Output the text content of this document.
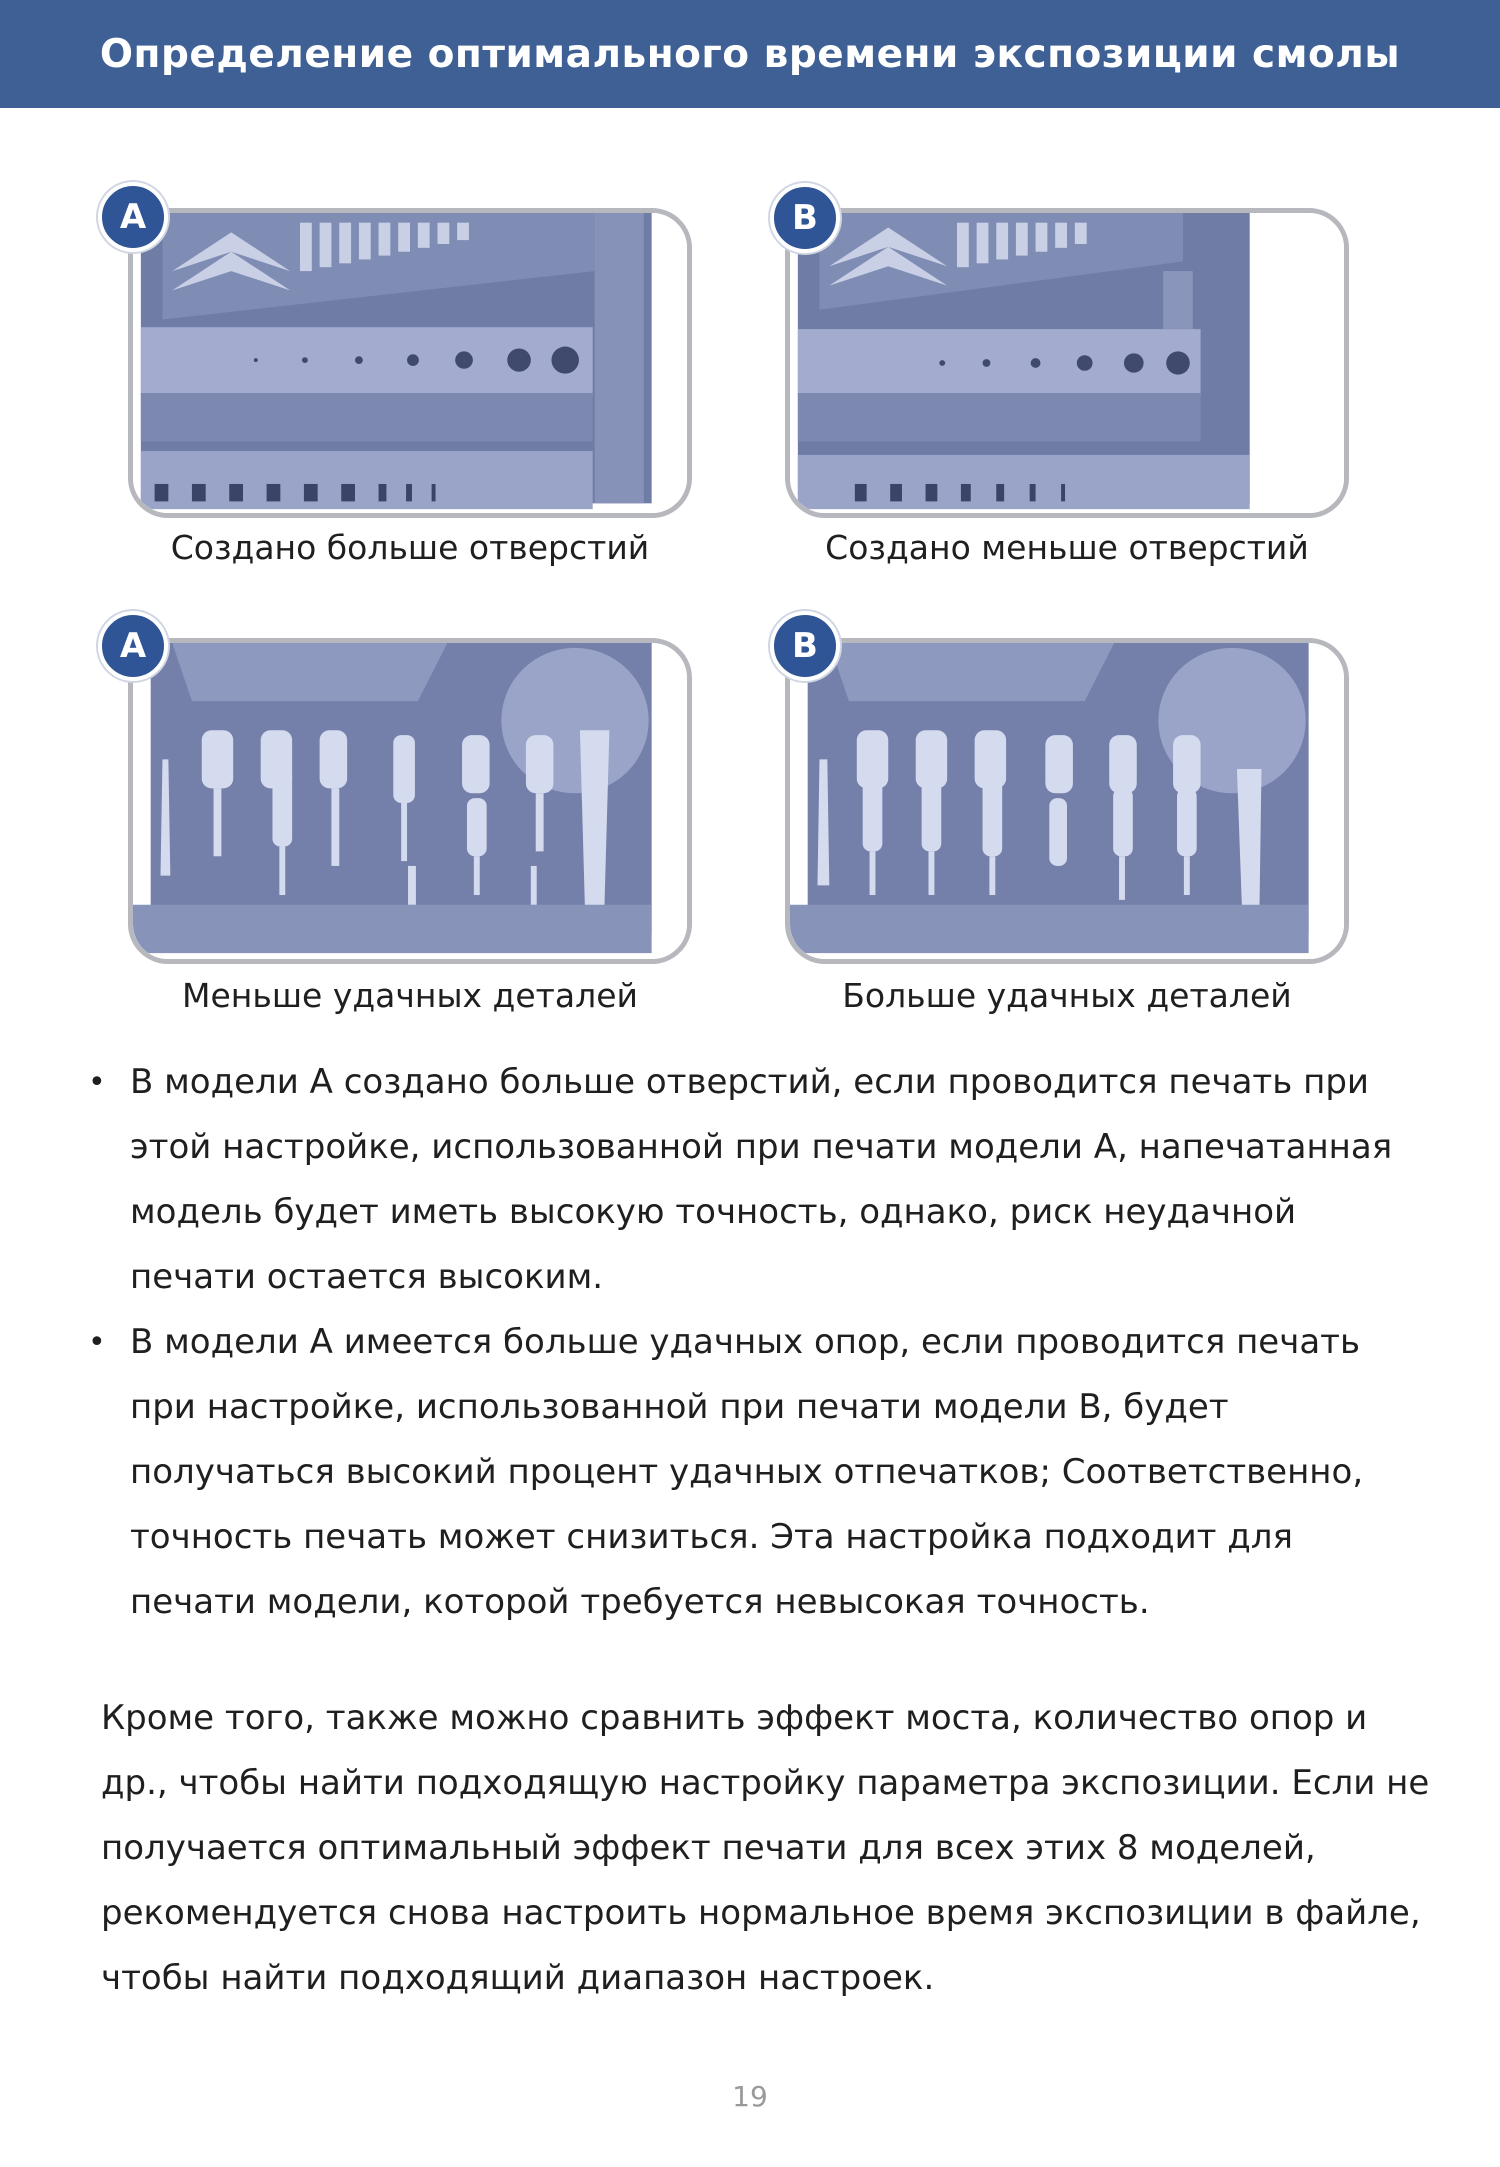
Определение оптимального времени экспозиции смолы
A
Создано больше отверстий
B
Создано меньше отверстий
A
Меньше удачных деталей
B
Больше удачных деталей
• В модели А создано больше отверстий, если проводится печать при этой настройке, использованной при печати модели А, напечатанная модель будет иметь высокую точность, однако, риск неудачной печати остается высоким.
• В модели А имеется больше удачных опор, если проводится печать при настройке, использованной при печати модели В, будет получаться высокий процент удачных отпечатков; Соответственно, точность печать может снизиться. Эта настройка подходит для печати модели, которой требуется невысокая точность.

Кроме того, также можно сравнить эффект моста, количество опор и др., чтобы найти подходящую настройку параметра экспозиции. Если не получается оптимальный эффект печати для всех этих 8 моделей, рекомендуется снова настроить нормальное время экспозиции в файле, чтобы найти подходящий диапазон настроек.

19
